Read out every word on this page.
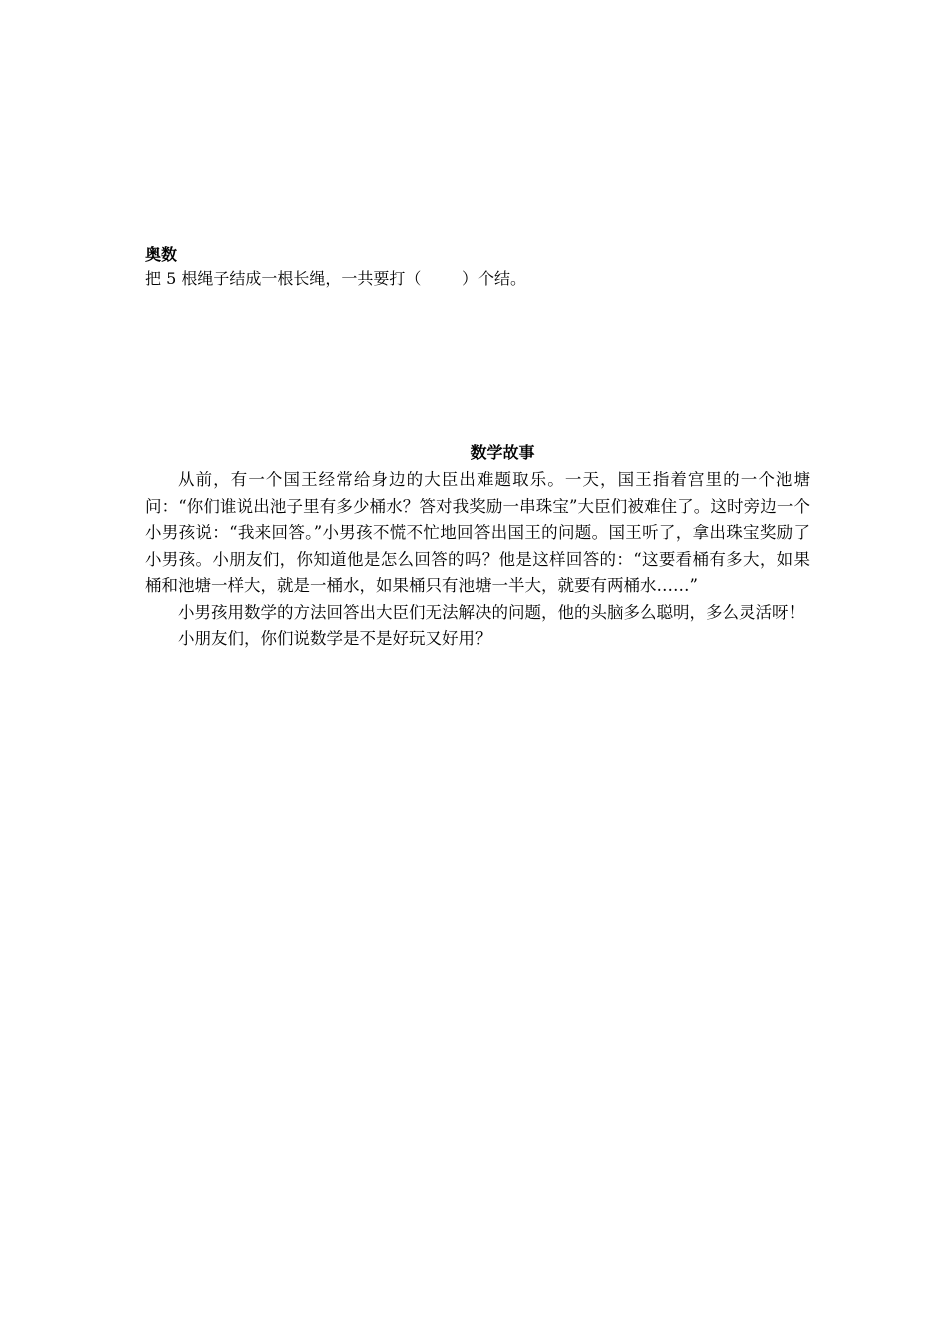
奥数

把 5 根绳子结成一根长绳，一共要打（        ）个结。

数学故事

从前，有一个国王经常给身边的大臣出难题取乐。一天，国王指着宫里的一个池塘问：“你们谁说出池子里有多少桶水？答对我奖励一串珠宝”大臣们被难住了。这时旁边一个小男孩说：“我来回答。”小男孩不慌不忙地回答出国王的问题。国王听了，拿出珠宝奖励了小男孩。小朋友们，你知道他是怎么回答的吗？他是这样回答的：“这要看桶有多大，如果桶和池塘一样大，就是一桶水，如果桶只有池塘一半大，就要有两桶水……”

小男孩用数学的方法回答出大臣们无法解决的问题，他的头脑多么聪明，多么灵活呀！

小朋友们，你们说数学是不是好玩又好用？
